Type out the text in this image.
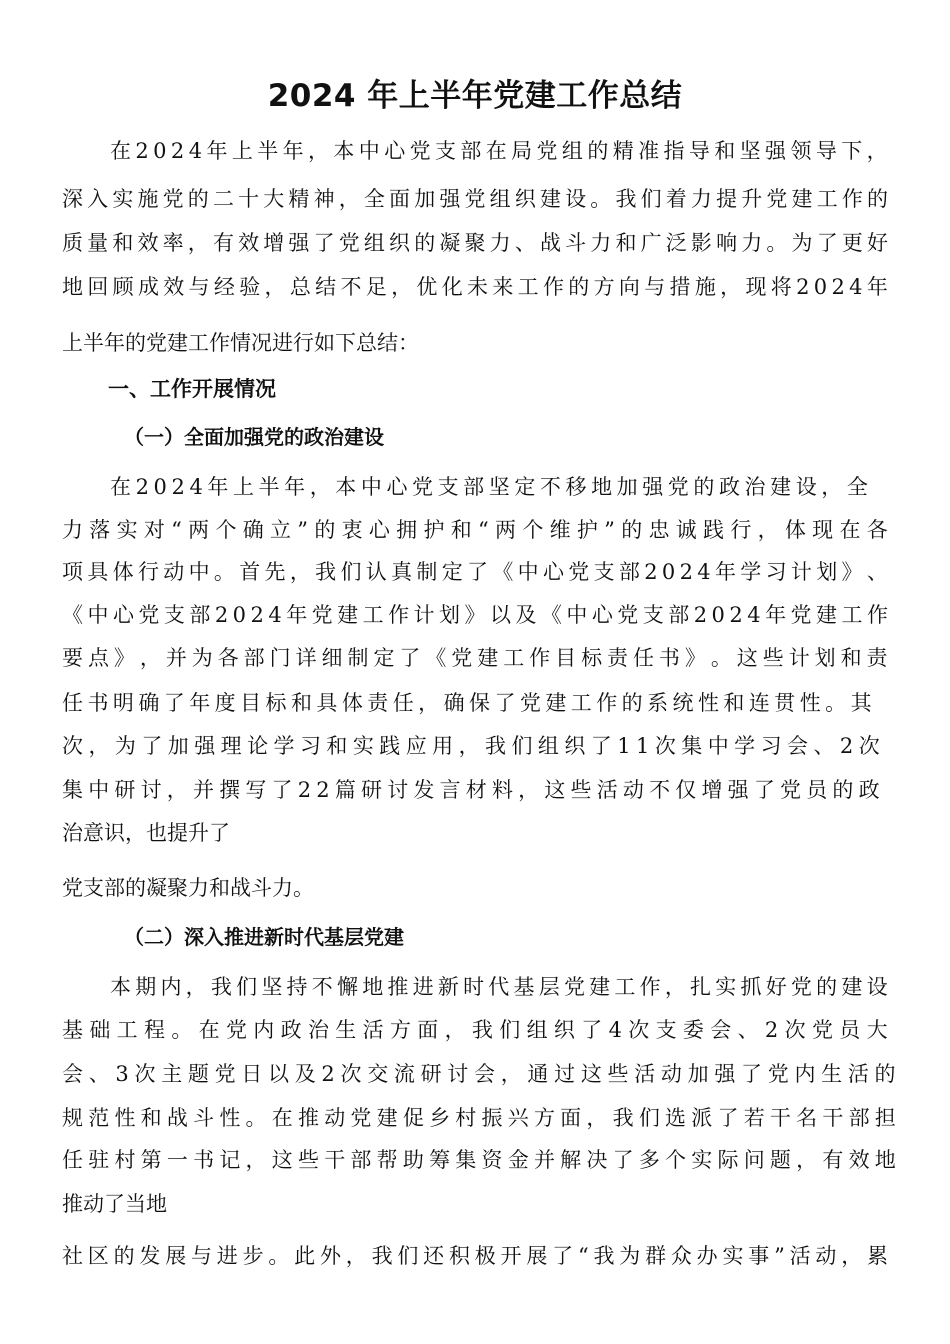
2024 年上半年党建工作总结
在 2 0 2 4 年 上 半 年 ， 本 中 心 党 支 部 在 局 党 组 的 精 准 指 导 和 坚 强 领 导 下 ，
深 入 实 施 党 的 二 十 大 精 神 ， 全 面 加 强 党 组 织 建 设 。 我 们 着 力 提 升 党 建 工 作 的
质 量 和 效 率 ， 有 效 增 强 了 党 组 织 的 凝 聚 力 、 战 斗 力 和 广 泛 影 响 力 。 为 了 更 好
地 回 顾 成 效 与 经 验 ， 总 结 不 足 ， 优 化 未 来 工 作 的 方 向 与 措 施 ， 现 将 2 0 2 4 年
上半年的党建工作情况进行如下总结：
在 2 0 2 4 年 上 半 年 ， 本 中 心 党 支 部 坚 定 不 移 地 加 强 党 的 政 治 建 设 ， 全
力 落 实 对 “ 两 个 确 立 ” 的 衷 心 拥 护 和 “ 两 个 维 护 ” 的 忠 诚 践 行 ， 体 现 在 各
项 具 体 行 动 中 。 首 先 ， 我 们 认 真 制 定 了 《 中 心 党 支 部 2 0 2 4 年 学 习 计 划 》 、
《 中 心 党 支 部 2 0 2 4 年 党 建 工 作 计 划 》 以 及 《 中 心 党 支 部 2 0 2 4 年 党 建 工 作
要 点 》 ， 并 为 各 部 门 详 细 制 定 了 《 党 建 工 作 目 标 责 任 书 》 。 这 些 计 划 和 责
任 书 明 确 了 年 度 目 标 和 具 体 责 任 ， 确 保 了 党 建 工 作 的 系 统 性 和 连 贯 性 。 其
次 ， 为 了 加 强 理 论 学 习 和 实 践 应 用 ， 我 们 组 织 了 1 1 次 集 中 学 习 会 、 2 次
集 中 研 讨 ， 并 撰 写 了 2 2 篇 研 讨 发 言 材 料 ， 这 些 活 动 不 仅 增 强 了 党 员 的 政
治意识，也提升了
党支部的凝聚力和战斗力。
本 期 内 ， 我 们 坚 持 不 懈 地 推 进 新 时 代 基 层 党 建 工 作 ， 扎 实 抓 好 党 的 建 设
基 础 工 程 。 在 党 内 政 治 生 活 方 面 ， 我 们 组 织 了 4 次 支 委 会 、 2 次 党 员 大
会 、 3 次 主 题 党 日 以 及 2 次 交 流 研 讨 会 ， 通 过 这 些 活 动 加 强 了 党 内 生 活 的
规 范 性 和 战 斗 性 。 在 推 动 党 建 促 乡 村 振 兴 方 面 ， 我 们 选 派 了 若 干 名 干 部 担
任 驻 村 第 一 书 记 ， 这 些 干 部 帮 助 筹 集 资 金 并 解 决 了 多 个 实 际 问 题 ， 有 效 地
推动了当地
社 区 的 发 展 与 进 步 。 此 外 ， 我 们 还 积 极 开 展 了 “ 我 为 群 众 办 实 事 ” 活 动 ， 累
一、工作开展情况
（一）全面加强党的政治建设
（二）深入推进新时代基层党建
